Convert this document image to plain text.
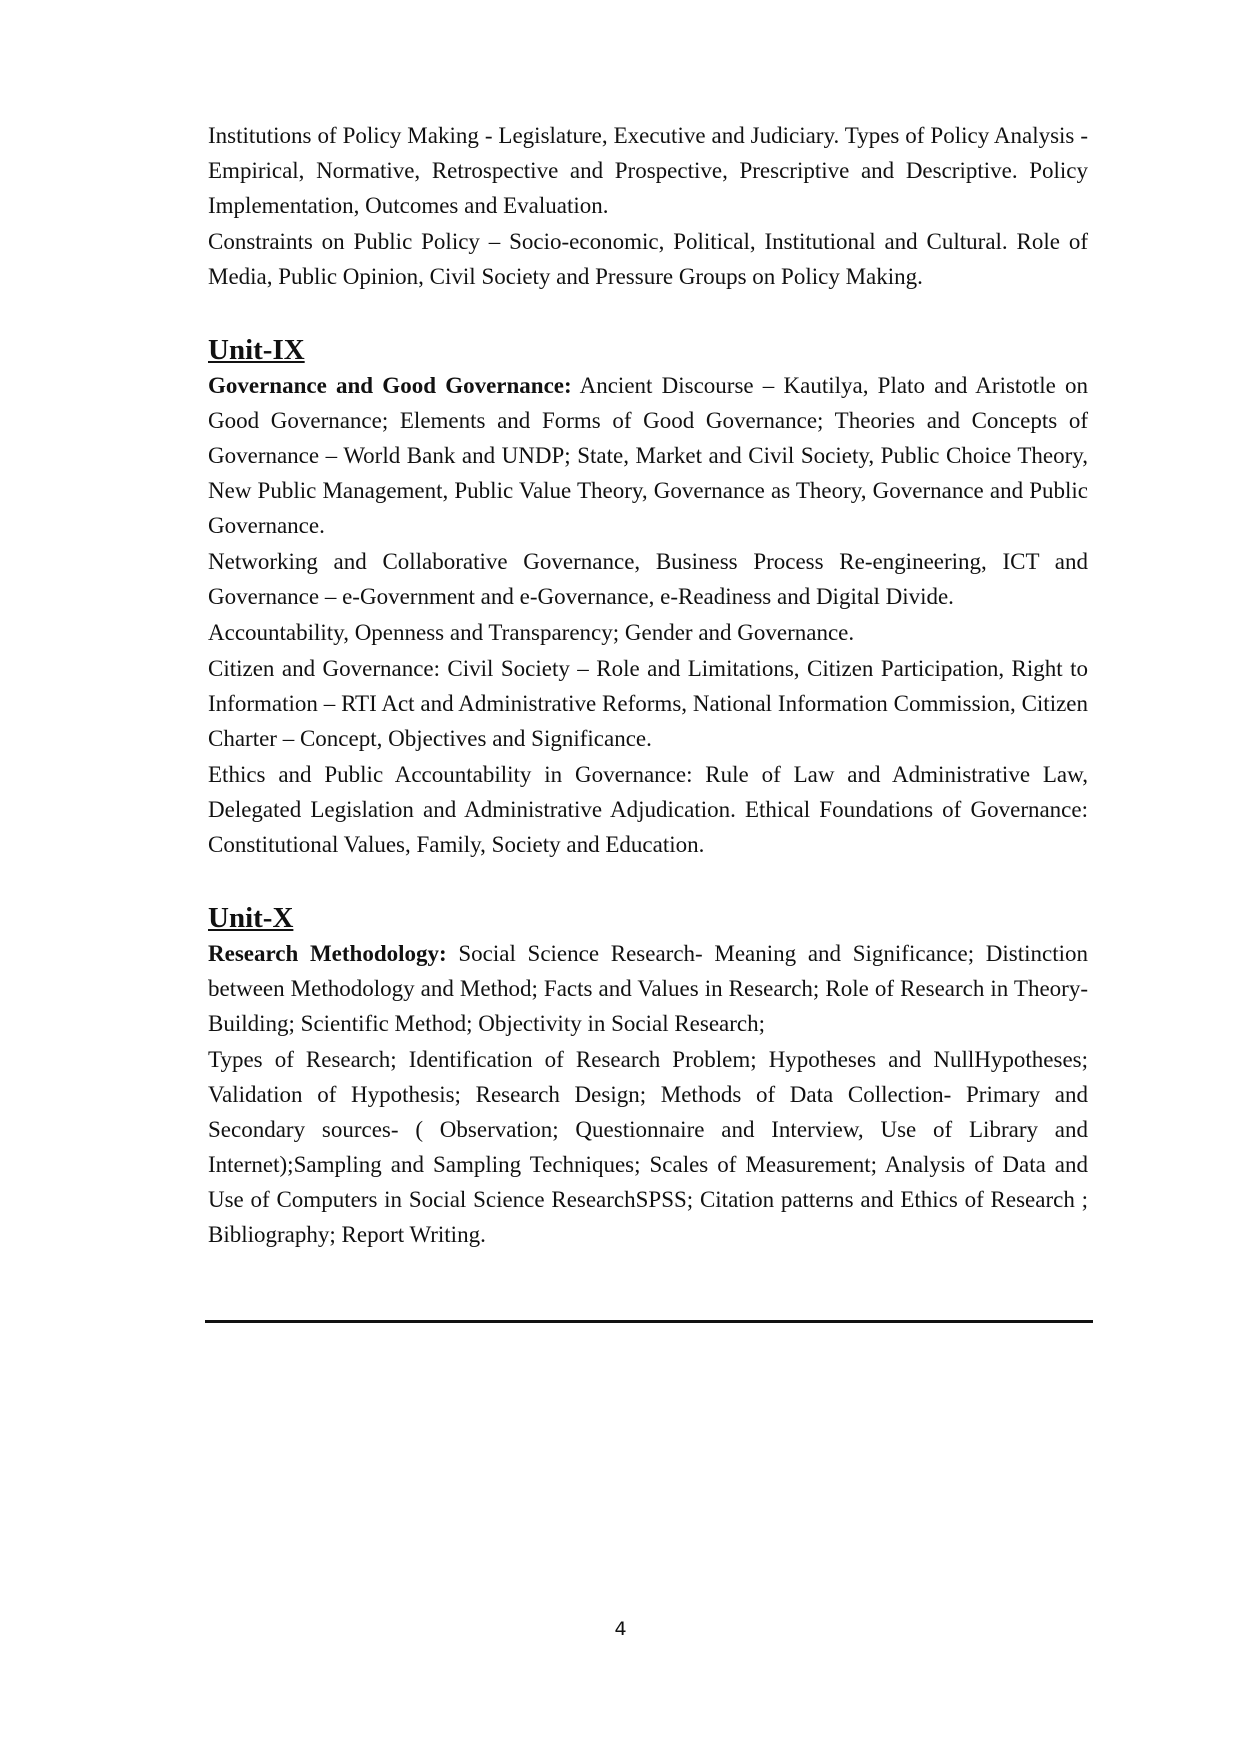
Institutions of Policy Making - Legislature, Executive and Judiciary. Types of Policy Analysis - Empirical, Normative, Retrospective and Prospective, Prescriptive and Descriptive. Policy Implementation, Outcomes and Evaluation.

Constraints on Public Policy – Socio-economic, Political, Institutional and Cultural. Role of Media, Public Opinion, Civil Society and Pressure Groups on Policy Making.

Unit-IX

Governance and Good Governance: Ancient Discourse – Kautilya, Plato and Aristotle on Good Governance; Elements and Forms of Good Governance; Theories and Concepts of Governance – World Bank and UNDP; State, Market and Civil Society, Public Choice Theory, New Public Management, Public Value Theory, Governance as Theory, Governance and Public Governance.

Networking and Collaborative Governance, Business Process Re-engineering, ICT and Governance – e-Government and e-Governance, e-Readiness and Digital Divide.

Accountability, Openness and Transparency; Gender and Governance.

Citizen and Governance: Civil Society – Role and Limitations, Citizen Participation, Right to Information – RTI Act and Administrative Reforms, National Information Commission, Citizen Charter – Concept, Objectives and Significance.

Ethics and Public Accountability in Governance: Rule of Law and Administrative Law, Delegated Legislation and Administrative Adjudication. Ethical Foundations of Governance: Constitutional Values, Family, Society and Education.

Unit-X

Research Methodology: Social Science Research- Meaning and Significance; Distinction between Methodology and Method; Facts and Values in Research; Role of Research in Theory-Building; Scientific Method; Objectivity in Social Research;

Types of Research; Identification of Research Problem; Hypotheses and NullHypotheses; Validation of Hypothesis; Research Design; Methods of Data Collection- Primary and Secondary sources- ( Observation; Questionnaire and Interview, Use of Library and Internet);Sampling and Sampling Techniques; Scales of Measurement; Analysis of Data and Use of Computers in Social Science ResearchSPSS; Citation patterns and Ethics of Research ; Bibliography; Report Writing.

4
